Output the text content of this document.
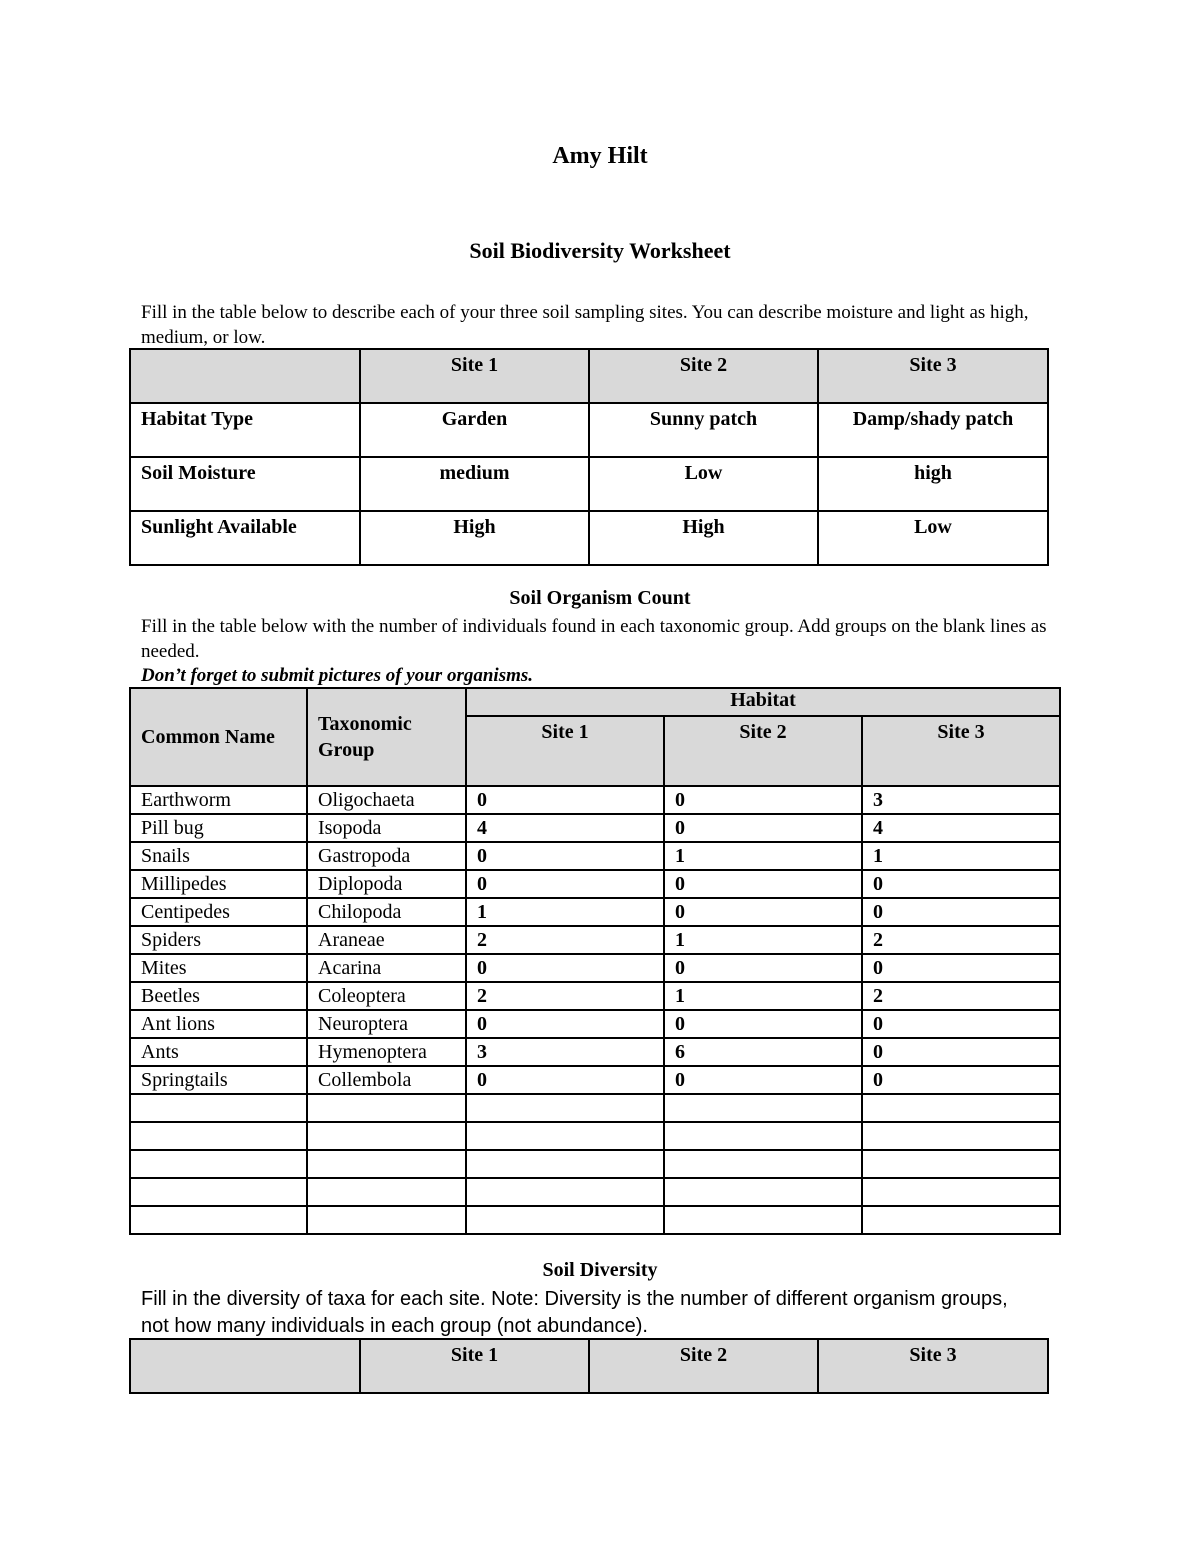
Amy Hilt
Soil Biodiversity Worksheet
Fill in the table below to describe each of your three soil sampling sites. You can describe moisture and light as high, medium, or low.
	Site 1	Site 2	Site 3
Habitat Type	Garden	Sunny patch	Damp/shady patch
Soil Moisture	medium	Low	high
Sunlight Available	High	High	Low
Soil Organism Count
Fill in the table below with the number of individuals found in each taxonomic group. Add groups on the blank lines as needed.
Don’t forget to submit pictures of your organisms.
Common Name	Taxonomic Group	Habitat		
		Site 1	Site 2	Site 3
Earthworm	Oligochaeta	0	0	3
Pill bug	Isopoda	4	0	4
Snails	Gastropoda	0	1	1
Millipedes	Diplopoda	0	0	0
Centipedes	Chilopoda	1	0	0
Spiders	Araneae	2	1	2
Mites	Acarina	0	0	0
Beetles	Coleoptera	2	1	2
Ant lions	Neuroptera	0	0	0
Ants	Hymenoptera	3	6	0
Springtails	Collembola	0	0	0

Soil Diversity
Fill in the diversity of taxa for each site. Note: Diversity is the number of different organism groups, not how many individuals in each group (not abundance).
	Site 1	Site 2	Site 3
